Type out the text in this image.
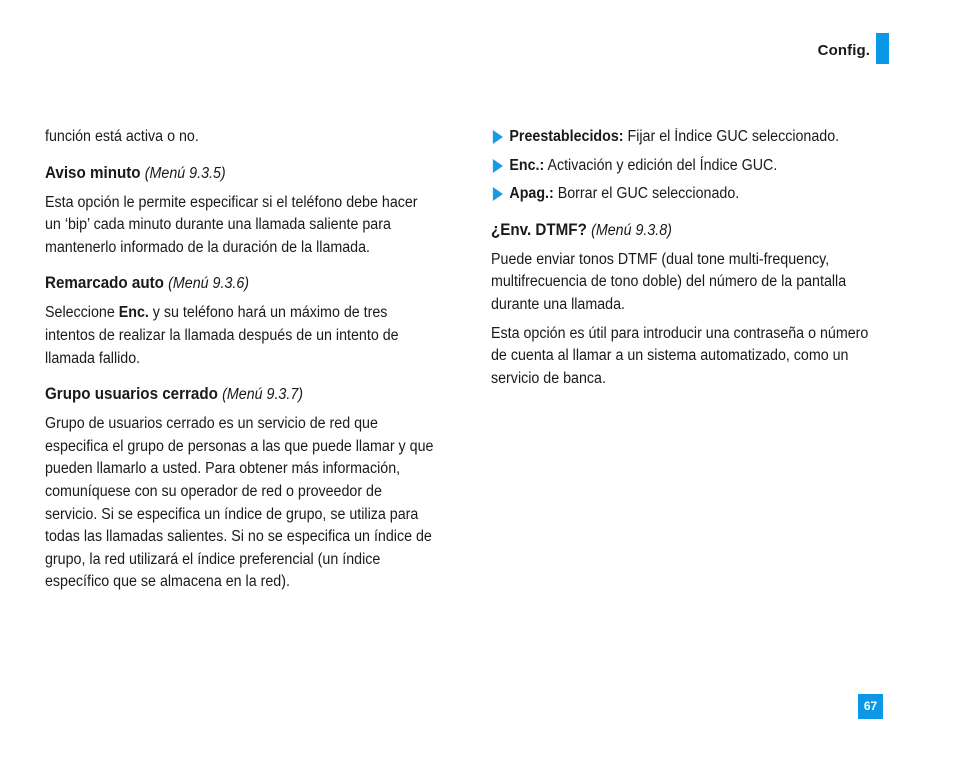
Config.

función está activa o no.

Aviso minuto (Menú 9.3.5)

Esta opción le permite especificar si el teléfono debe hacer un ‘bip’ cada minuto durante una llamada saliente para mantenerlo informado de la duración de la llamada.

Remarcado auto (Menú 9.3.6)

Seleccione Enc. y su teléfono hará un máximo de tres intentos de realizar la llamada después de un intento de llamada fallido.

Grupo usuarios cerrado (Menú 9.3.7)

Grupo de usuarios cerrado es un servicio de red que especifica el grupo de personas a las que puede llamar y que pueden llamarlo a usted. Para obtener más información, comuníquese con su operador de red o proveedor de servicio. Si se especifica un índice de grupo, se utiliza para todas las llamadas salientes. Si no se especifica un índice de grupo, la red utilizará el índice preferencial (un índice específico que se almacena en la red).

Preestablecidos: Fijar el Índice GUC seleccionado.
Enc.: Activación y edición del Índice GUC.
Apag.: Borrar el GUC seleccionado.
¿Env. DTMF? (Menú 9.3.8)

Puede enviar tonos DTMF (dual tone multi-frequency, multifrecuencia de tono doble) del número de la pantalla durante una llamada.

Esta opción es útil para introducir una contraseña o número de cuenta al llamar a un sistema automatizado, como un servicio de banca.

67
